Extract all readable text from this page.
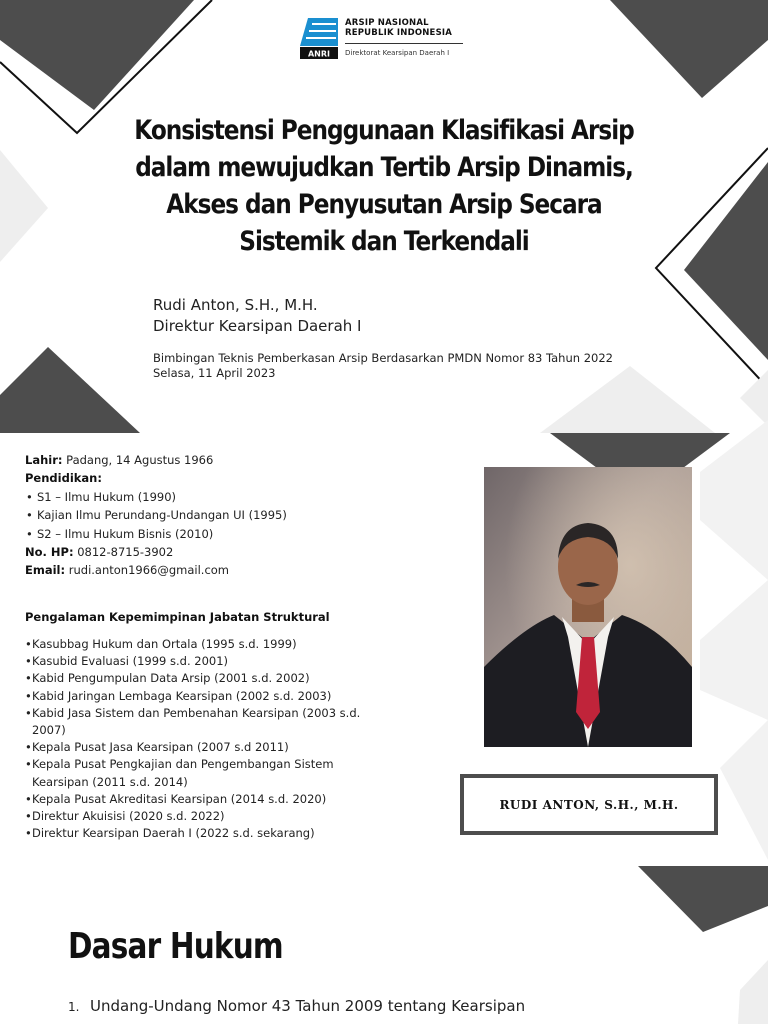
ANRI
ARSIP NASIONAL
REPUBLIK INDONESIA
Direktorat Kearsipan Daerah I
Konsistensi Penggunaan Klasifikasi Arsip
dalam mewujudkan Tertib Arsip Dinamis,
Akses dan Penyusutan Arsip Secara
Sistemik dan Terkendali
Rudi Anton, S.H., M.H.
Direktur Kearsipan Daerah I
Bimbingan Teknis Pemberkasan Arsip Berdasarkan PMDN Nomor 83 Tahun 2022
Selasa, 11 April 2023
Lahir: Padang, 14 Agustus 1966
Pendidikan:
• S1 – Ilmu Hukum (1990)
• Kajian Ilmu Perundang-Undangan UI (1995)
• S2 – Ilmu Hukum Bisnis (2010)
No. HP: 0812-8715-3902
Email: rudi.anton1966@gmail.com
Pengalaman Kepemimpinan Jabatan Struktural
• Kasubbag Hukum dan Ortala (1995 s.d. 1999)
• Kasubid Evaluasi (1999 s.d. 2001)
• Kabid Pengumpulan Data Arsip (2001 s.d. 2002)
• Kabid Jaringan Lembaga Kearsipan (2002 s.d. 2003)
• Kabid Jasa Sistem dan Pembenahan Kearsipan (2003 s.d. 2007)
• Kepala Pusat Jasa Kearsipan (2007 s.d 2011)
• Kepala Pusat Pengkajian dan Pengembangan Sistem Kearsipan (2011 s.d. 2014)
• Kepala Pusat Akreditasi Kearsipan (2014 s.d. 2020)
• Direktur Akuisisi (2020 s.d. 2022)
• Direktur Kearsipan Daerah I (2022 s.d. sekarang)
RUDI ANTON, S.H., M.H.
Dasar Hukum
1. Undang-Undang Nomor 43 Tahun 2009 tentang Kearsipan
